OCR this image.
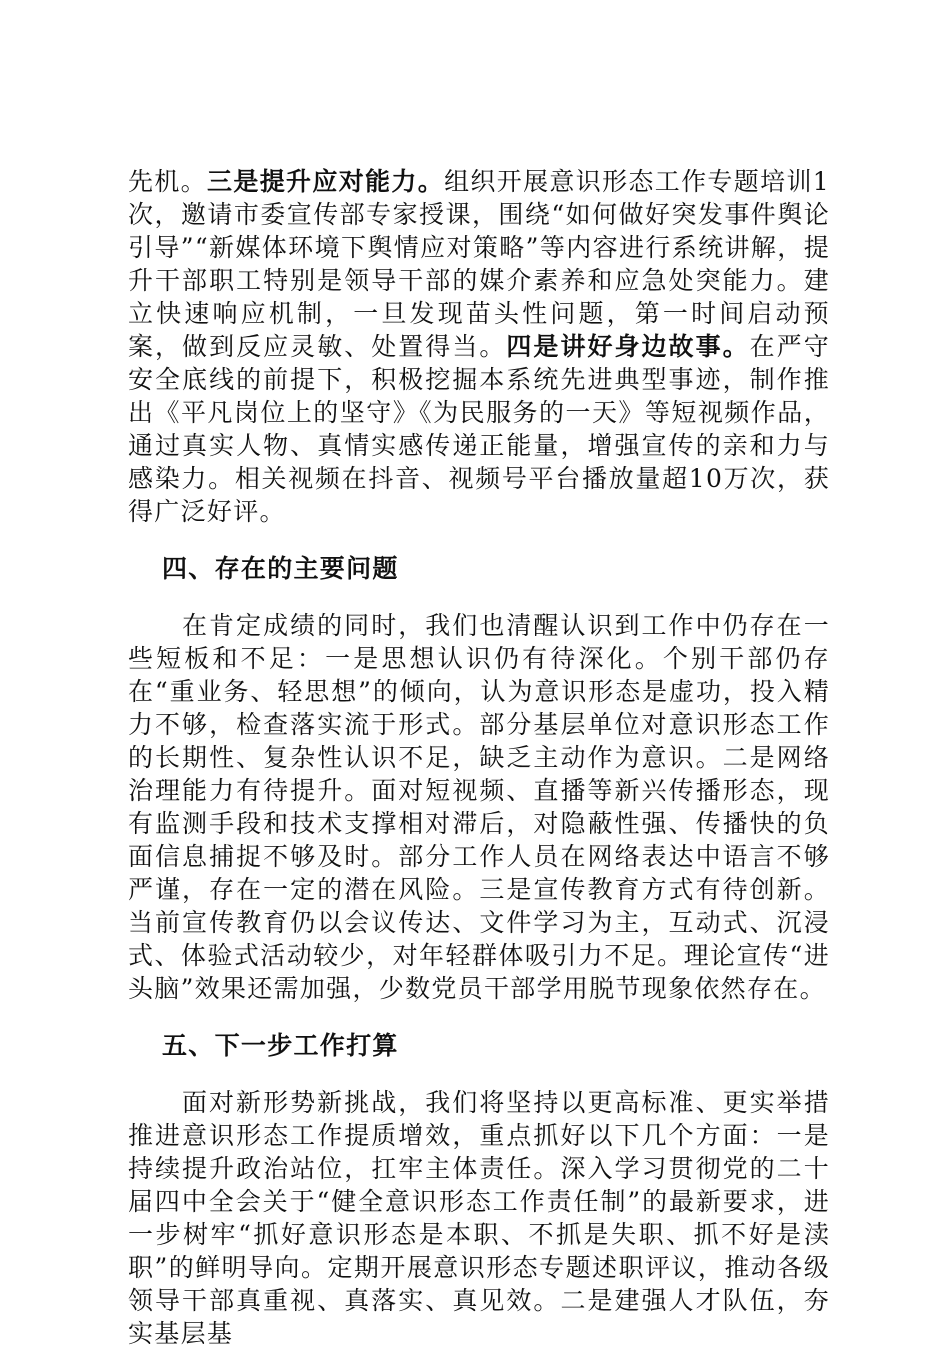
先机。三是提升应对能力。组织开展意识形态工作专题培训1次，邀请市委宣传部专家授课，围绕“如何做好突发事件舆论引导”“新媒体环境下舆情应对策略”等内容进行系统讲解，提升干部职工特别是领导干部的媒介素养和应急处突能力。建立快速响应机制，一旦发现苗头性问题，第一时间启动预案，做到反应灵敏、处置得当。四是讲好身边故事。在严守安全底线的前提下，积极挖掘本系统先进典型事迹，制作推出《平凡岗位上的坚守》《为民服务的一天》等短视频作品，通过真实人物、真情实感传递正能量，增强宣传的亲和力与感染力。相关视频在抖音、视频号平台播放量超10万次，获得广泛好评。

四、存在的主要问题

在肯定成绩的同时，我们也清醒认识到工作中仍存在一些短板和不足：一是思想认识仍有待深化。个别干部仍存在“重业务、轻思想”的倾向，认为意识形态是虚功，投入精力不够，检查落实流于形式。部分基层单位对意识形态工作的长期性、复杂性认识不足，缺乏主动作为意识。二是网络治理能力有待提升。面对短视频、直播等新兴传播形态，现有监测手段和技术支撑相对滞后，对隐蔽性强、传播快的负面信息捕捉不够及时。部分工作人员在网络表达中语言不够严谨，存在一定的潜在风险。三是宣传教育方式有待创新。当前宣传教育仍以会议传达、文件学习为主，互动式、沉浸式、体验式活动较少，对年轻群体吸引力不足。理论宣传“进头脑”效果还需加强，少数党员干部学用脱节现象依然存在。

五、下一步工作打算

面对新形势新挑战，我们将坚持以更高标准、更实举措推进意识形态工作提质增效，重点抓好以下几个方面：一是持续提升政治站位，扛牢主体责任。深入学习贯彻党的二十届四中全会关于“健全意识形态工作责任制”的最新要求，进一步树牢“抓好意识形态是本职、不抓是失职、抓不好是渎职”的鲜明导向。定期开展意识形态专题述职评议，推动各级领导干部真重视、真落实、真见效。二是建强人才队伍，夯实基层基
